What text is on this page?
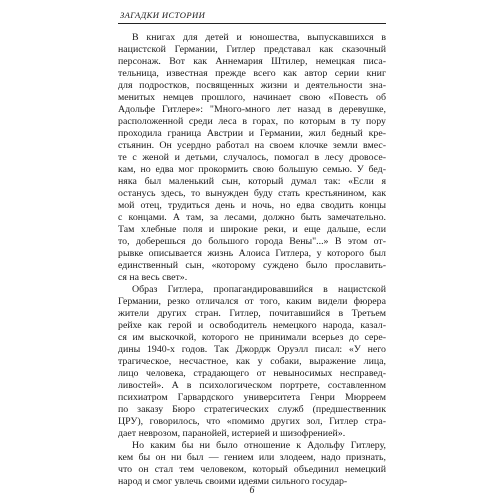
ЗАГАДКИ ИСТОРИИ
В книгах для детей и юношества, выпускавшихся в
нацистской Германии, Гитлер представал как сказочный
персонаж. Вот как Аннемария Штилер, немецкая писа-
тельница, известная прежде всего как автор серии книг
для подростков, посвященных жизни и деятельности зна-
менитых немцев прошлого, начинает свою «Повесть об
Адольфе Гитлере»: "Много-много лет назад в деревушке,
расположенной среди леса в горах, по которым в ту пору
проходила граница Австрии и Германии, жил бедный кре-
стьянин. Он усердно работал на своем клочке земли вмес-
те с женой и детьми, случалось, помогал в лесу дровосе-
кам, но едва мог прокормить свою большую семью. У бед-
няка был маленький сын, который думал так: «Если я
останусь здесь, то вынужден буду стать крестьянином, как
мой отец, трудиться день и ночь, но едва сводить концы
с концами. А там, за лесами, должно быть замечательно.
Там хлебные поля и широкие реки, и еще дальше, если
то, доберешься до большого города Вены"...» В этом от-
рывке описывается жизнь Алоиса Гитлера, у которого был
единственный сын, «которому суждено было прославить-
ся на весь свет».
Образ Гитлера, пропагандировавшийся в нацистской
Германии, резко отличался от того, каким видели фюрера
жители других стран. Гитлер, почитавшийся в Третьем
рейхе как герой и освободитель немецкого народа, казал-
ся им выскочкой, которого не принимали всерьез до сере-
дины 1940-х годов. Так Джордж Оруэлл писал: «У него
трагическое, несчастное, как у собаки, выражение лица,
лицо человека, страдающего от невыносимых несправед-
ливостей». А в психологическом портрете, составленном
психиатром Гарвардского университета Генри Мюрреем
по заказу Бюро стратегических служб (предшественник
ЦРУ), говорилось, что «помимо других зол, Гитлер стра-
дает неврозом, паранойей, истерией и шизофренией».
Но каким бы ни было отношение к Адольфу Гитлеру,
кем бы он ни был — гением или злодеем, надо признать,
что он стал тем человеком, который объединил немецкий
народ и смог увлечь своими идеями сильного государ-
6
